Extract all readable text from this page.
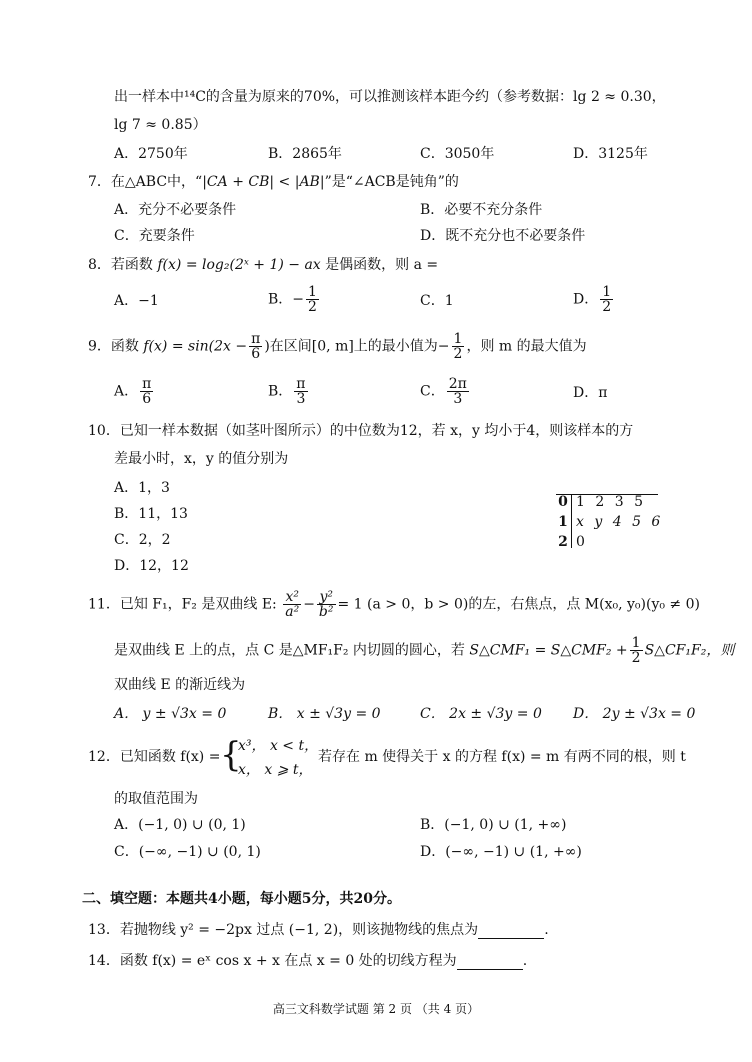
出一样本中¹⁴C的含量为原来的70%，可以推测该样本距今约（参考数据：lg 2 ≈ 0.30，
lg 7 ≈ 0.85）
A．2750年	B．2865年	C．3050年	D．3125年
7．在△ABC中，“|CA + CB| < |AB|”是“∠ACB是钝角”的
A．充分不必要条件	B．必要不充分条件
C．充要条件	D．既不充分也不必要条件
8．若函数 f(x) = log₂(2ˣ + 1) − ax 是偶函数，则 a =
A．−1	B．− $\frac{1}{2}$	C．1	D． $\frac{1}{2}$
9．函数 $f(x) = \sin(2x - \frac{\pi}{6}$ )在区间[0, m]上的最小值为− $\frac{1}{2}$ ，则 m 的最大值为
A． $\frac{\pi}{6}$	B． $\frac{\pi}{3}$	C． $\frac{2\pi}{3}$	D．π
10．已知一样本数据（如茎叶图所示）的中位数为12，若 x，y 均小于4，则该样本的方
差最小时，x，y 的值分别为
A．1，3
B．11，13
C．2，2
D．12，12
0 1 2 3 5
1 x y 4 5 6
2 0
11．已知 F₁，F₂ 是双曲线 E: $\frac{\text{x²}}{\text{a²}} - \frac{\text{y²}}{\text{b²}} = 1$ (a > 0，b > 0)的左，右焦点，点 M(x₀, y₀)(y₀ ≠ 0)
是双曲线 E 上的点，点 C 是△MF₁F₂ 内切圆的圆心，若 S△CMF₁ = S△CMF₂ + $\frac{1}{2}$ S△CF₁F₂，则
双曲线 E 的渐近线为
A． y ± √3x = 0	B． x ± √3y = 0	C． 2x ± √3y = 0 D． 2y ± √3x = 0
12．已知函数 f(x) = {
x³， x < t，
x， x ⩾ t，
若存在 m 使得关于 x 的方程 f(x) = m 有两不同的根，则 t
的取值范围为
A．(−1, 0) ∪ (0, 1)	B．(−1, 0) ∪ (1, +∞)
C．(−∞, −1) ∪ (0, 1)	D．(−∞, −1) ∪ (1, +∞)
二、填空题：本题共4小题，每小题5分，共20分。
13．若抛物线 y² = −2px 过点 (−1, 2)，则该抛物线的焦点为	.
14．函数 f(x) = eˣ cos x + x 在点 x = 0 处的切线方程为	.
高三文科数学试题 第 2 页 （共 4 页）
